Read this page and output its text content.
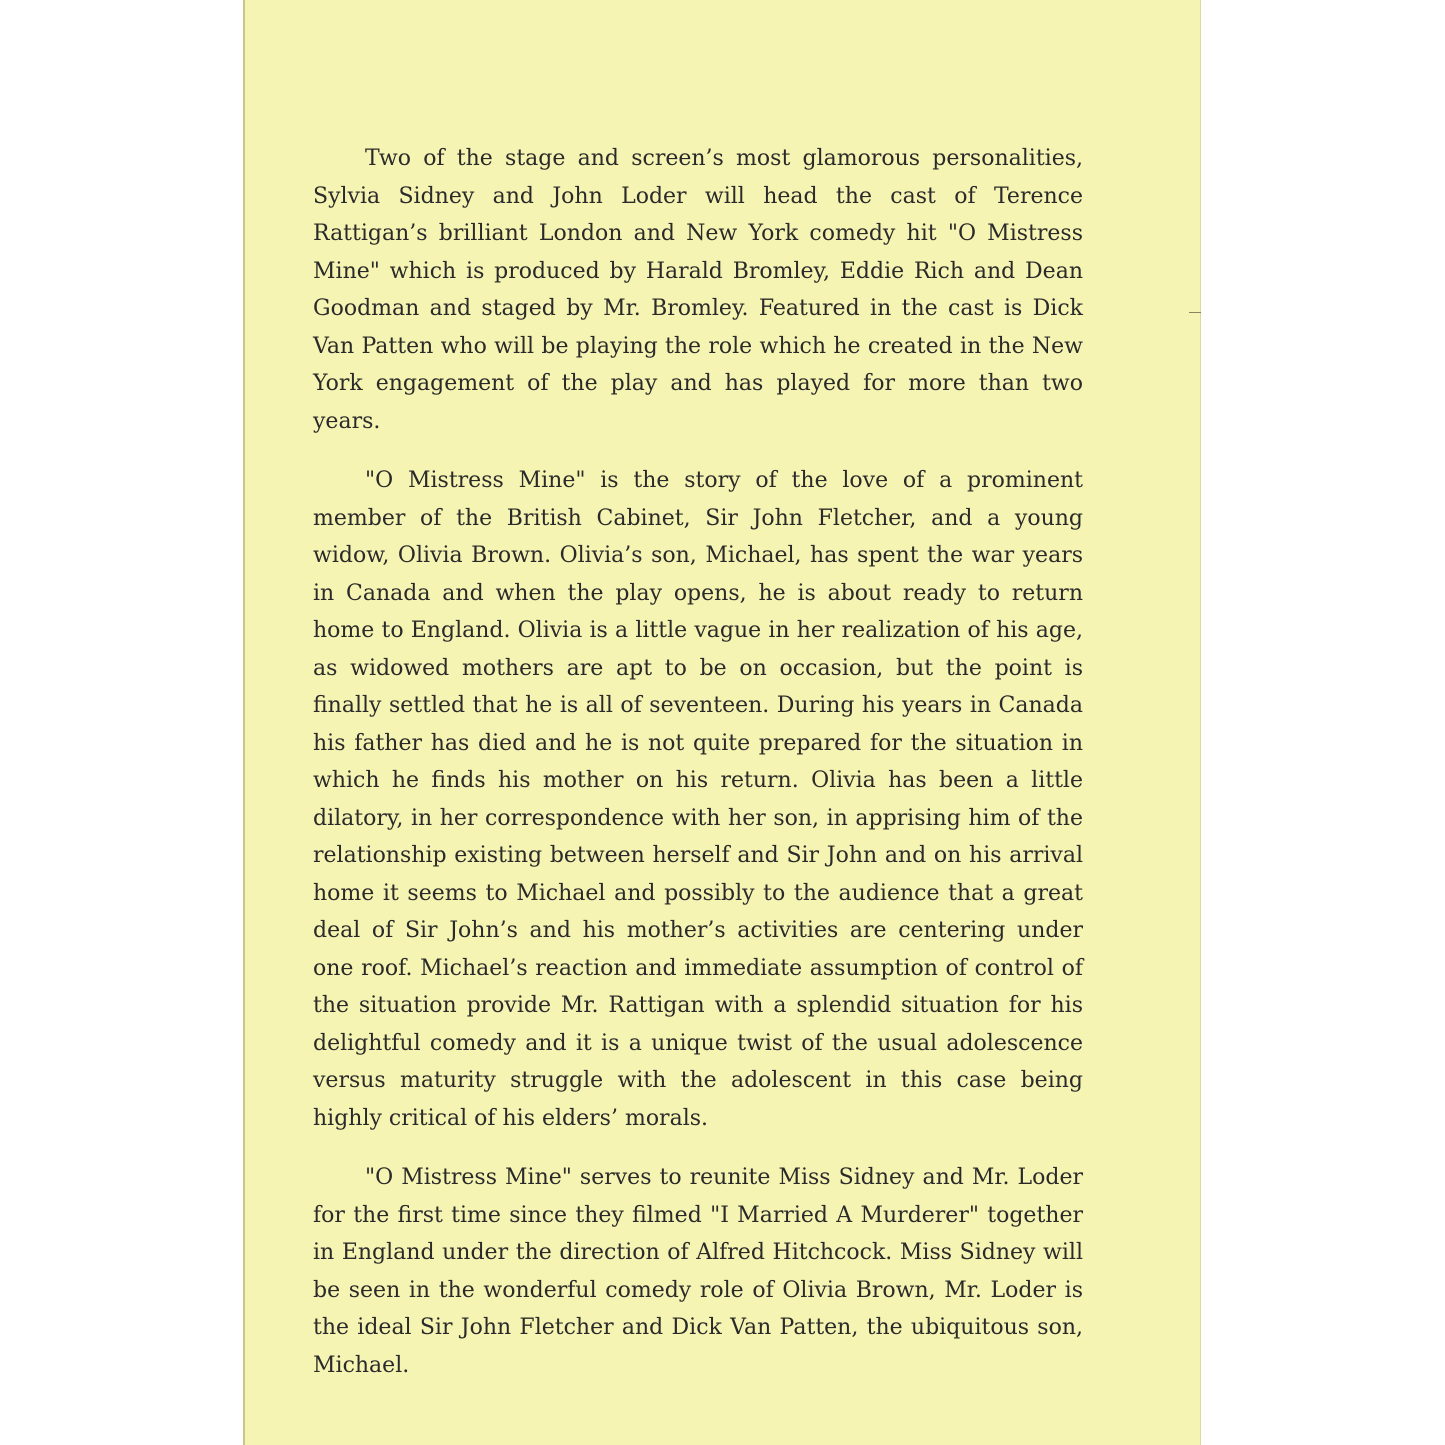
Two of the stage and screen’s most glamorous personalities, Sylvia Sidney and John Loder will head the cast of Terence Rattigan’s brilliant London and New York comedy hit "O Mistress Mine" which is produced by Harald Bromley, Eddie Rich and Dean Goodman and staged by Mr. Bromley. Featured in the cast is Dick Van Patten who will be playing the role which he created in the New York engagement of the play and has played for more than two years.

"O Mistress Mine" is the story of the love of a prominent member of the British Cabinet, Sir John Fletcher, and a young widow, Olivia Brown. Olivia’s son, Michael, has spent the war years in Canada and when the play opens, he is about ready to return home to England. Olivia is a little vague in her realization of his age, as widowed mothers are apt to be on occasion, but the point is finally settled that he is all of seventeen. During his years in Canada his father has died and he is not quite prepared for the situation in which he finds his mother on his return. Olivia has been a little dilatory, in her correspondence with her son, in apprising him of the relationship existing between herself and Sir John and on his arrival home it seems to Michael and possibly to the audience that a great deal of Sir John’s and his mother’s activities are centering under one roof. Michael’s reaction and immediate assumption of control of the situation provide Mr. Rattigan with a splendid situation for his delightful comedy and it is a unique twist of the usual adolescence versus maturity struggle with the adolescent in this case being highly critical of his elders’ morals.

"O Mistress Mine" serves to reunite Miss Sidney and Mr. Loder for the first time since they filmed "I Married A Murderer" together in England under the direction of Alfred Hitchcock. Miss Sidney will be seen in the wonderful comedy role of Olivia Brown, Mr. Loder is the ideal Sir John Fletcher and Dick Van Patten, the ubiquitous son, Michael.
